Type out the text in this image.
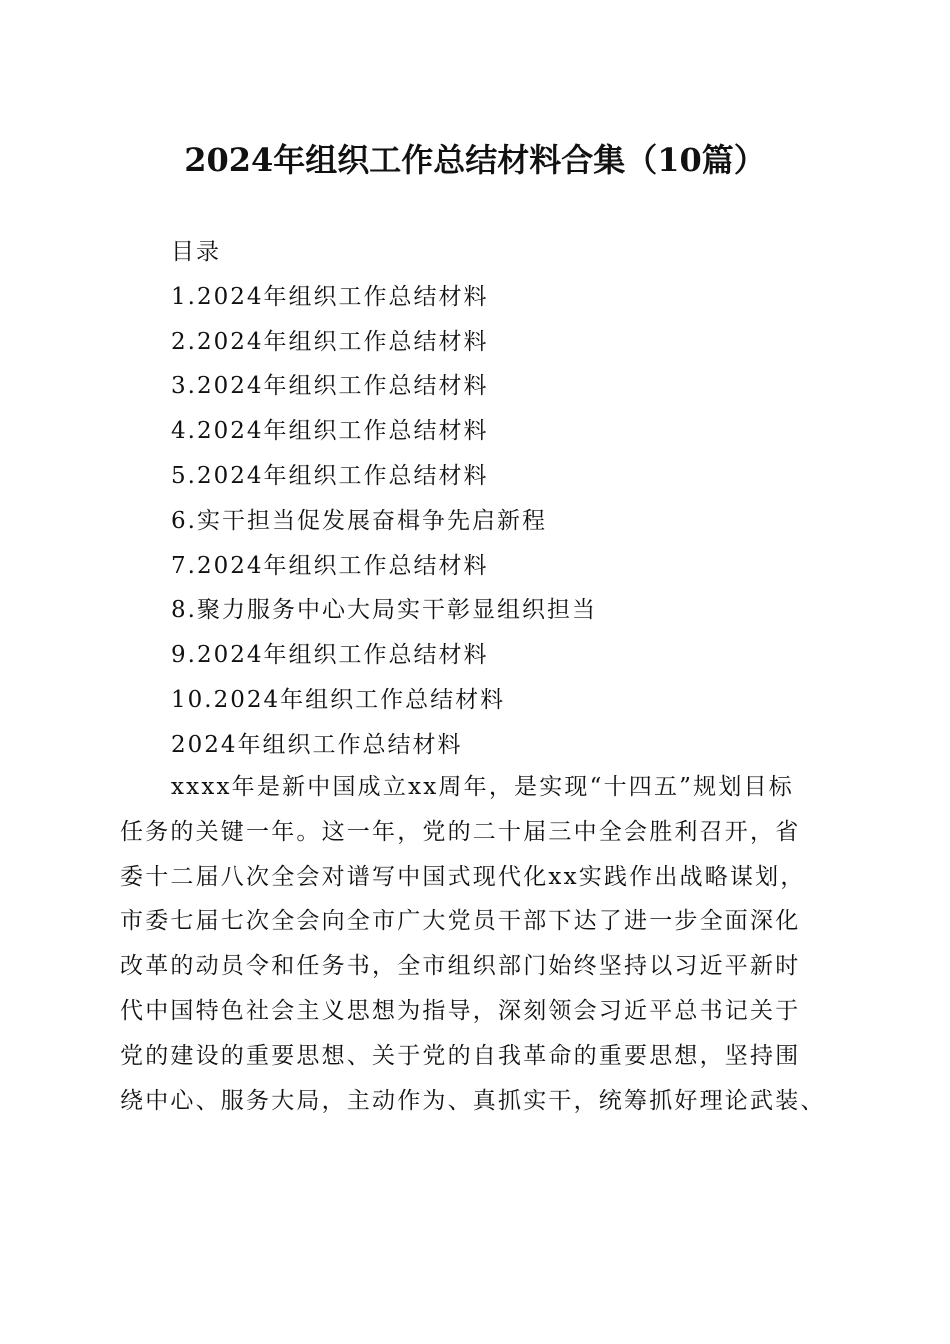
2024年组织工作总结材料合集（10篇）
目录
1.2024年组织工作总结材料
2.2024年组织工作总结材料
3.2024年组织工作总结材料
4.2024年组织工作总结材料
5.2024年组织工作总结材料
6.实干担当促发展奋楫争先启新程
7.2024年组织工作总结材料
8.聚力服务中心大局实干彰显组织担当
9.2024年组织工作总结材料
10.2024年组织工作总结材料
2024年组织工作总结材料
xxxx年是新中国成立xx周年，是实现“十四五”规划目标
任务的关键一年。这一年，党的二十届三中全会胜利召开，省
委十二届八次全会对谱写中国式现代化xx实践作出战略谋划，
市委七届七次全会向全市广大党员干部下达了进一步全面深化
改革的动员令和任务书，全市组织部门始终坚持以习近平新时
代中国特色社会主义思想为指导，深刻领会习近平总书记关于
党的建设的重要思想、关于党的自我革命的重要思想，坚持围
绕中心、服务大局，主动作为、真抓实干，统筹抓好理论武装、
